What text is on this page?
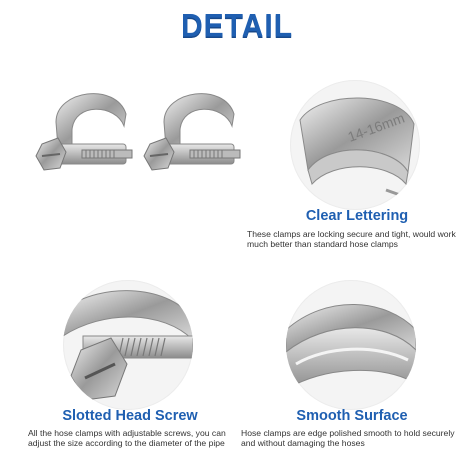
DETAIL
14-16mm
Clear Lettering
These clamps are locking secure and tight, would work much better than standard hose clamps
Slotted Head Screw
All the hose clamps with adjustable screws, you can adjust the size according to the diameter of the pipe
Smooth Surface
Hose clamps are edge polished smooth to hold securely and without damaging the hoses
